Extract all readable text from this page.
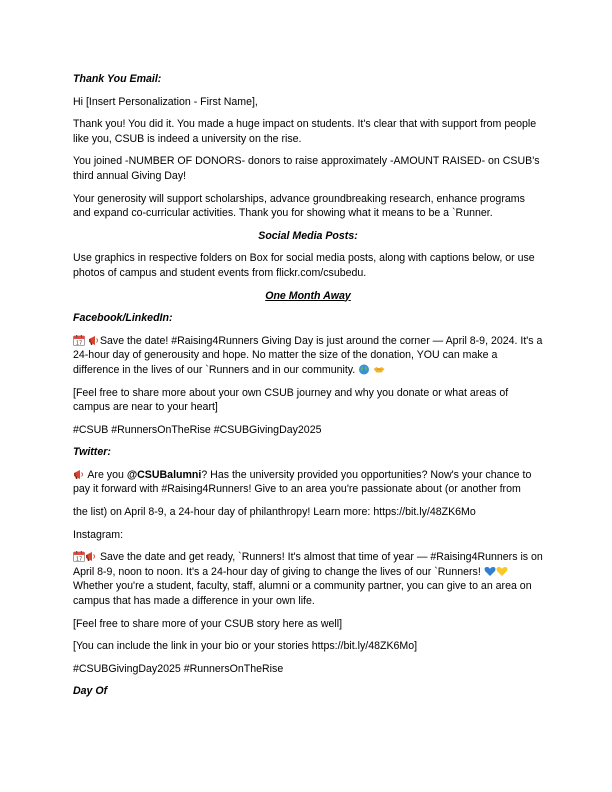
Thank You Email:

Hi [Insert Personalization - First Name],

Thank you! You did it. You made a huge impact on students. It's clear that with support from people like you, CSUB is indeed a university on the rise.

You joined -NUMBER OF DONORS- donors to raise approximately -AMOUNT RAISED- on CSUB's third annual Giving Day!

Your generosity will support scholarships, advance groundbreaking research, enhance programs and expand co-curricular activities. Thank you for showing what it means to be a `Runner.

Social Media Posts:

Use graphics in respective folders on Box for social media posts, along with captions below, or use photos of campus and student events from flickr.com/csubedu.

One Month Away

Facebook/LinkedIn:

17 Save the date! #Raising4Runners Giving Day is just around the corner — April 8-9, 2024. It's a 24-hour day of generousity and hope. No matter the size of the donation, YOU can make a difference in the lives of our `Runners and in our community.

[Feel free to share more about your own CSUB journey and why you donate or what areas of campus are near to your heart]

#CSUB #RunnersOnTheRise #CSUBGivingDay2025

Twitter:

Are you @CSUBalumni? Has the university provided you opportunities? Now's your chance to pay it forward with #Raising4Runners! Give to an area you're passionate about (or another from

the list) on April 8-9, a 24-hour day of philanthropy! Learn more: https://bit.ly/48ZK6Mo

Instagram:

17 Save the date and get ready, `Runners! It's almost that time of year — #Raising4Runners is on April 8-9, noon to noon. It's a 24-hour day of giving to change the lives of our `Runners!  Whether you're a student, faculty, staff, alumni or a community partner, you can give to an area on campus that has made a difference in your own life.

[Feel free to share more of your CSUB story here as well]

[You can include the link in your bio or your stories https://bit.ly/48ZK6Mo]

#CSUBGivingDay2025 #RunnersOnTheRise

Day Of
